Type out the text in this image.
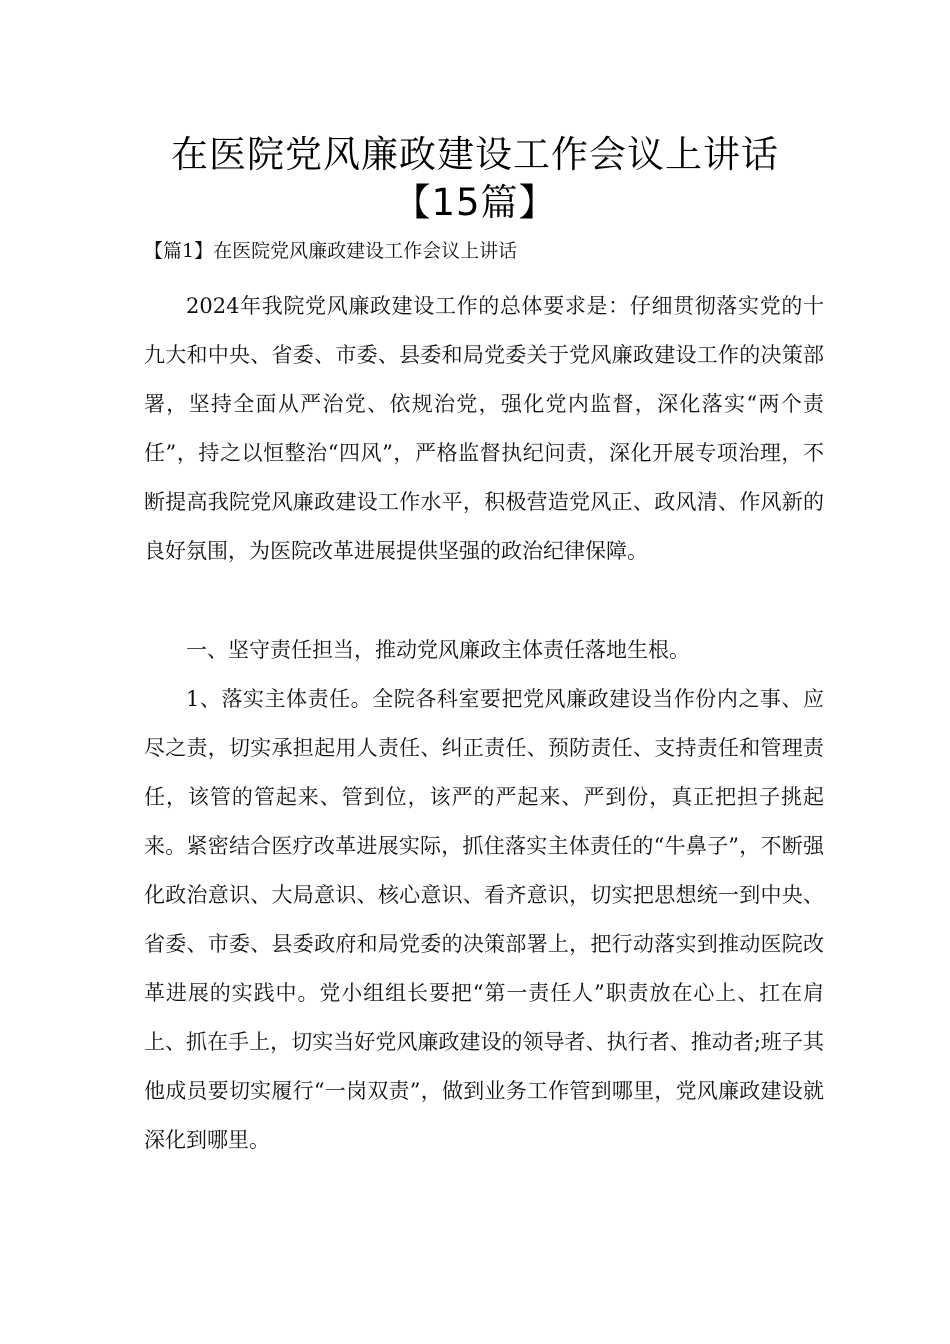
在医院党风廉政建设工作会议上讲话
【15篇】
【篇1】在医院党风廉政建设工作会议上讲话

2024年我院党风廉政建设工作的总体要求是：仔细贯彻落实党的十九大和中央、省委、市委、县委和局党委关于党风廉政建设工作的决策部署，坚持全面从严治党、依规治党，强化党内监督，深化落实“两个责任”，持之以恒整治“四风”，严格监督执纪问责，深化开展专项治理，不断提高我院党风廉政建设工作水平，积极营造党风正、政风清、作风新的良好氛围，为医院改革进展提供坚强的政治纪律保障。

一、坚守责任担当，推动党风廉政主体责任落地生根。

1、落实主体责任。全院各科室要把党风廉政建设当作份内之事、应尽之责，切实承担起用人责任、纠正责任、预防责任、支持责任和管理责任，该管的管起来、管到位，该严的严起来、严到份，真正把担子挑起来。紧密结合医疗改革进展实际，抓住落实主体责任的“牛鼻子”，不断强化政治意识、大局意识、核心意识、看齐意识，切实把思想统一到中央、省委、市委、县委政府和局党委的决策部署上，把行动落实到推动医院改革进展的实践中。党小组组长要把“第一责任人”职责放在心上、扛在肩上、抓在手上，切实当好党风廉政建设的领导者、执行者、推动者;班子其他成员要切实履行“一岗双责”，做到业务工作管到哪里，党风廉政建设就深化到哪里。
